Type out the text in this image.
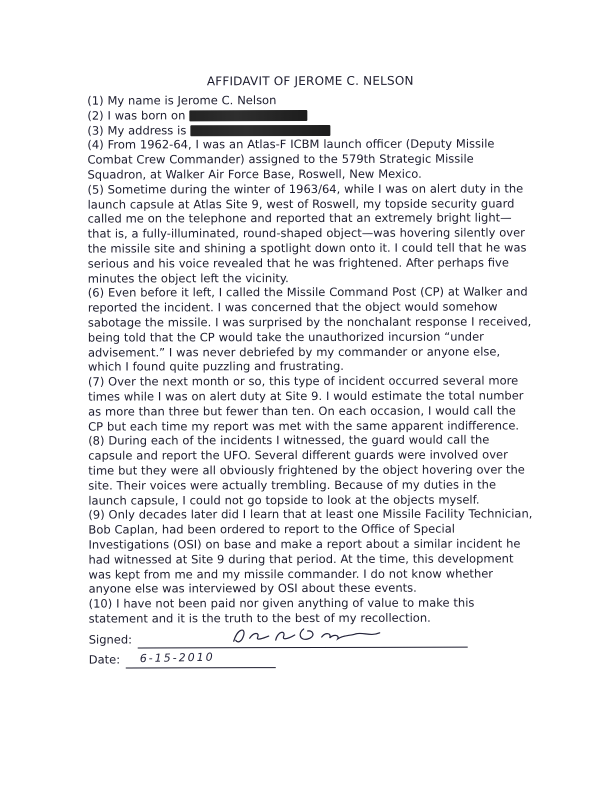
AFFIDAVIT OF JEROME C. NELSON
(1) My name is Jerome C. Nelson
(2) I was born on
(3) My address is
(4) From 1962-64, I was an Atlas-F ICBM launch officer (Deputy Missile Combat Crew Commander) assigned to the 579th Strategic Missile Squadron, at Walker Air Force Base, Roswell, New Mexico.
(5) Sometime during the winter of 1963/64, while I was on alert duty in the launch capsule at Atlas Site 9, west of Roswell, my topside security guard called me on the telephone and reported that an extremely bright light—that is, a fully-illuminated, round-shaped object—was hovering silently over the missile site and shining a spotlight down onto it. I could tell that he was serious and his voice revealed that he was frightened. After perhaps five minutes the object left the vicinity.
(6) Even before it left, I called the Missile Command Post (CP) at Walker and reported the incident. I was concerned that the object would somehow sabotage the missile. I was surprised by the nonchalant response I received, being told that the CP would take the unauthorized incursion “under advisement.” I was never debriefed by my commander or anyone else, which I found quite puzzling and frustrating.
(7) Over the next month or so, this type of incident occurred several more times while I was on alert duty at Site 9. I would estimate the total number as more than three but fewer than ten. On each occasion, I would call the CP but each time my report was met with the same apparent indifference.
(8) During each of the incidents I witnessed, the guard would call the capsule and report the UFO. Several different guards were involved over time but they were all obviously frightened by the object hovering over the site. Their voices were actually trembling. Because of my duties in the launch capsule, I could not go topside to look at the objects myself.
(9) Only decades later did I learn that at least one Missile Facility Technician, Bob Caplan, had been ordered to report to the Office of Special Investigations (OSI) on base and make a report about a similar incident he had witnessed at Site 9 during that period. At the time, this development was kept from me and my missile commander. I do not know whether anyone else was interviewed by OSI about these events.
(10) I have not been paid nor given anything of value to make this statement and it is the truth to the best of my recollection.
Signed:
Date: 6-15-2010
